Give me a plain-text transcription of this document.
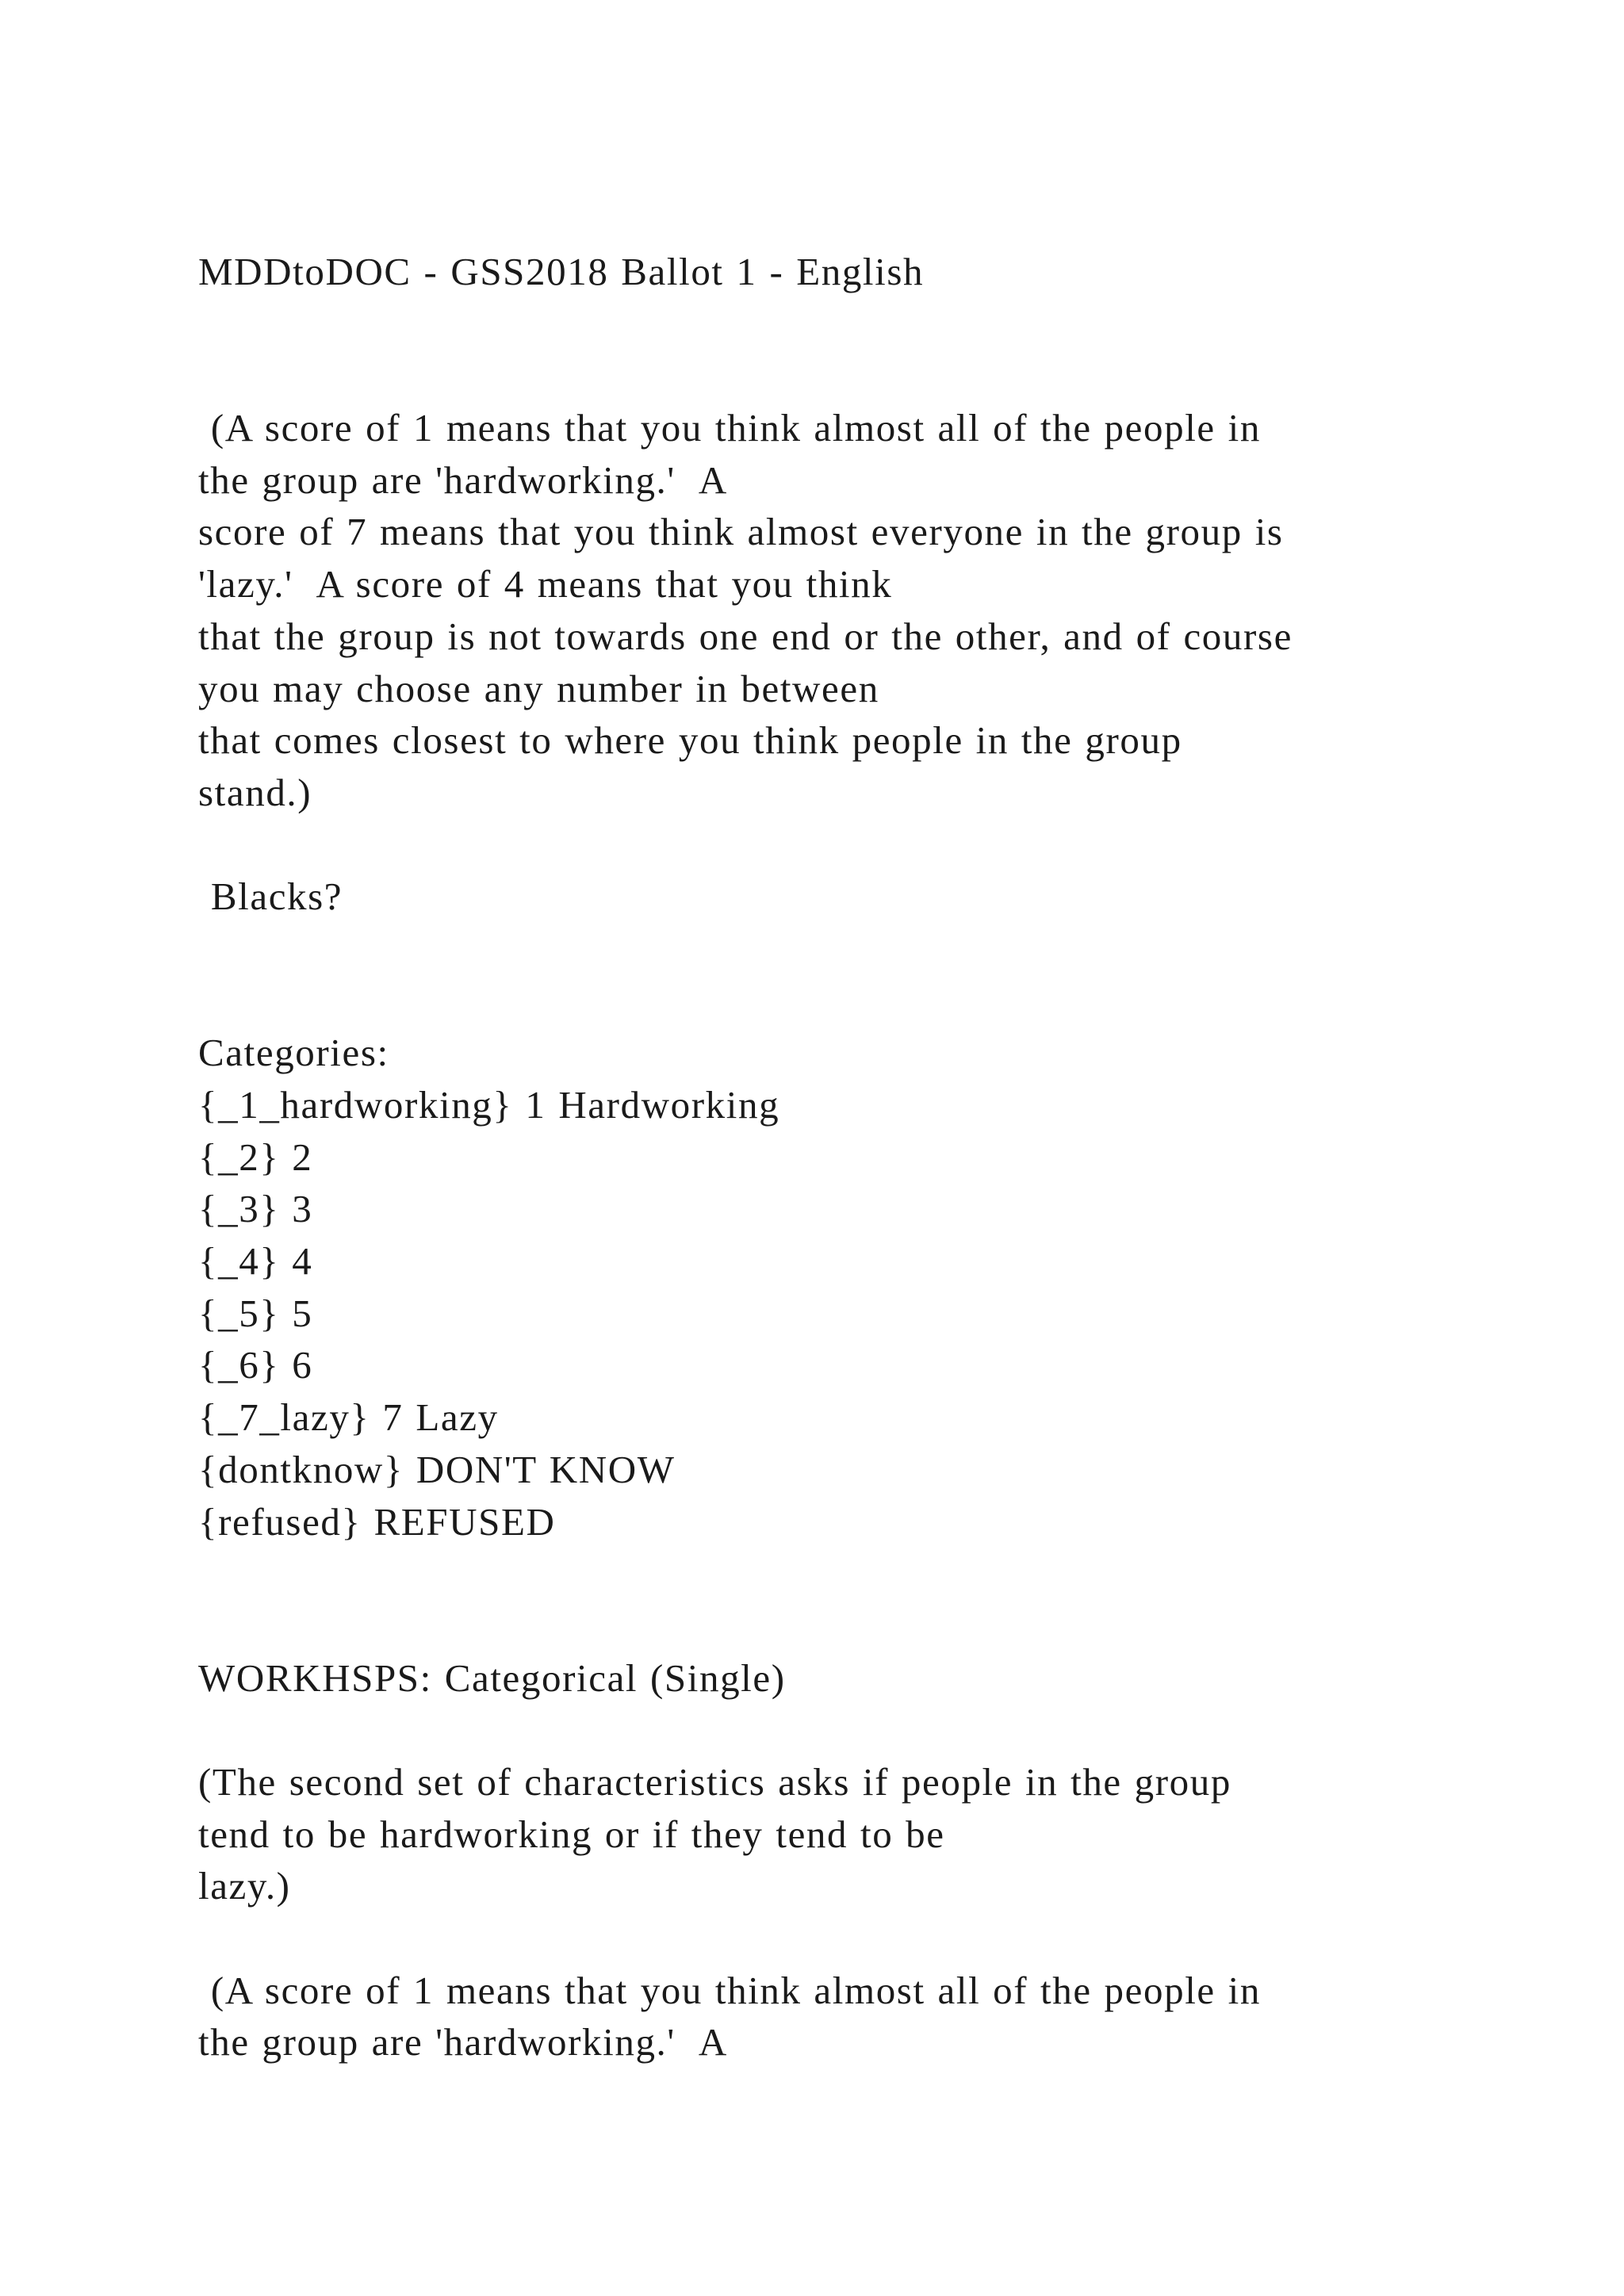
MDDtoDOC - GSS2018 Ballot 1 - English
(A score of 1 means that you think almost all of the people in
the group are 'hardworking.'  A
score of 7 means that you think almost everyone in the group is
'lazy.'  A score of 4 means that you think
that the group is not towards one end or the other, and of course
you may choose any number in between
that comes closest to where you think people in the group
stand.)
Blacks?
Categories:
{_1_hardworking} 1 Hardworking
{_2} 2
{_3} 3
{_4} 4
{_5} 5
{_6} 6
{_7_lazy} 7 Lazy
{dontknow} DON'T KNOW
{refused} REFUSED
WORKHSPS: Categorical (Single)
(The second set of characteristics asks if people in the group
tend to be hardworking or if they tend to be
lazy.)
(A score of 1 means that you think almost all of the people in
the group are 'hardworking.'  A
